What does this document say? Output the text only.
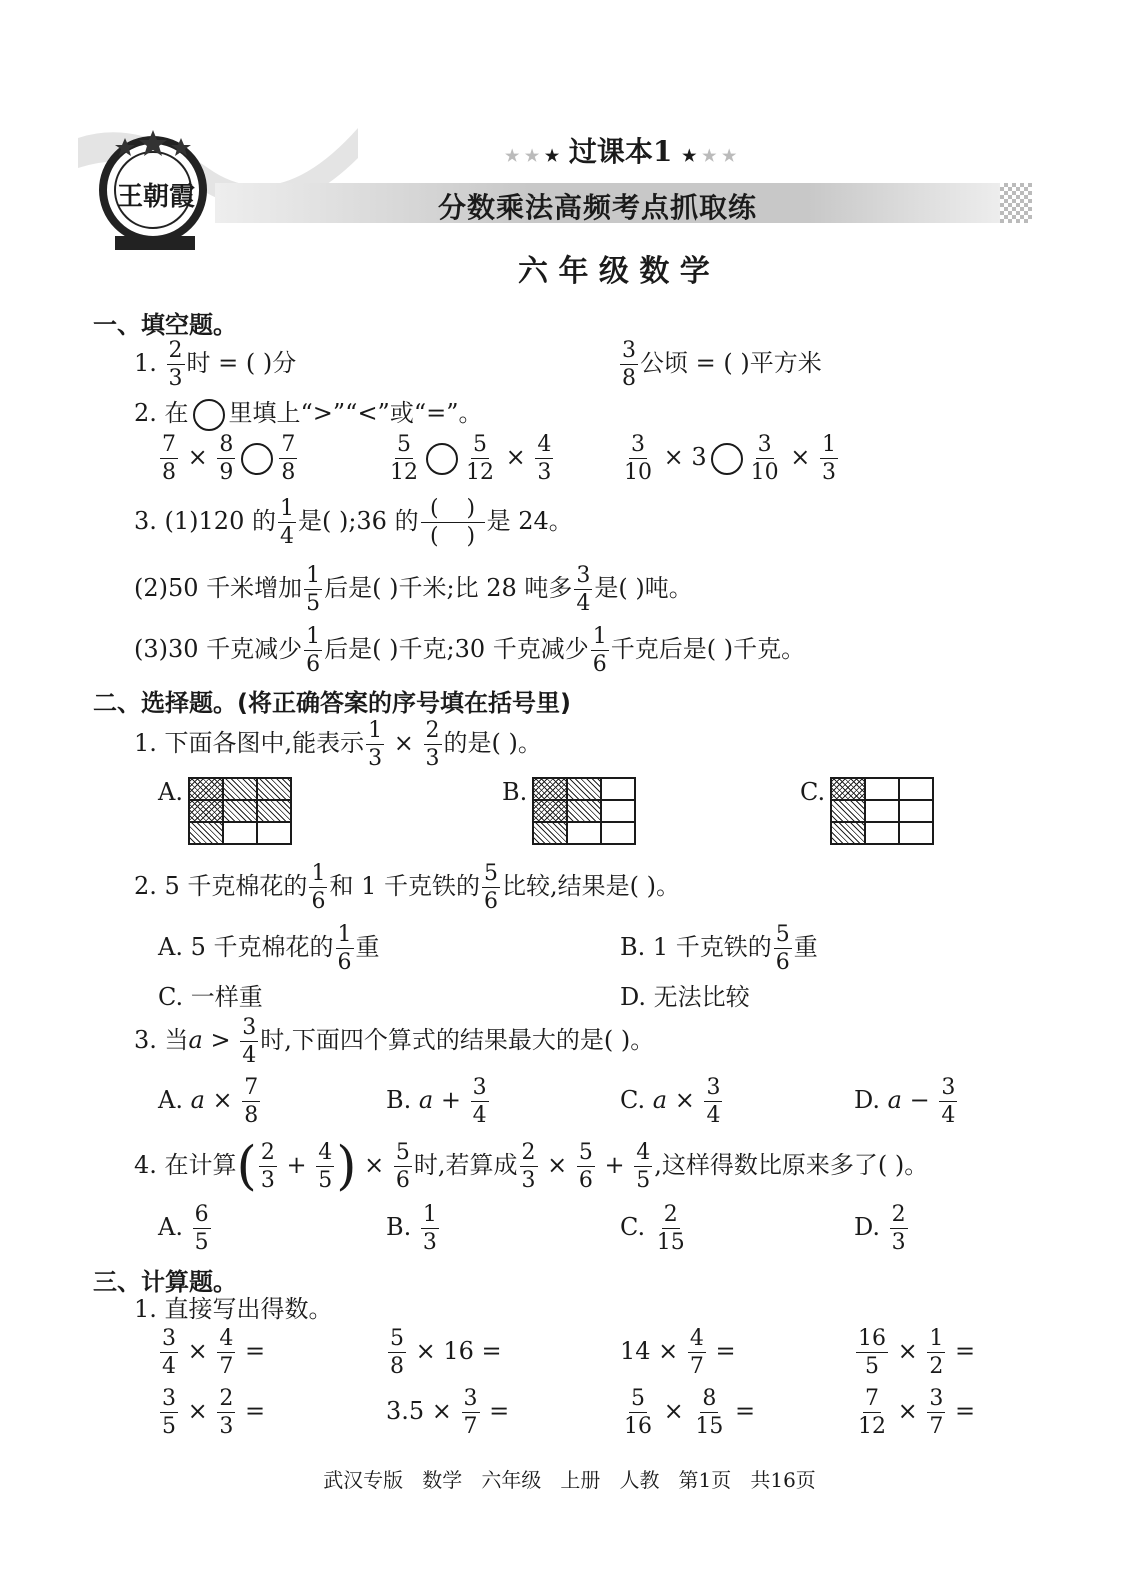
王朝霞
★ ★ ★ 过课本1 ★ ★ ★
分数乘法高频考点抓取练
六 年 级 数 学
一、填空题。
1. $\frac{2}{3}$ 时 = ( )分	$\frac{3}{8}$ 公顷 = ( )平方米
2. 在 里填上“>”“<”或“=”。
$\frac{7}{8} \times \frac{8}{9} \frac{7}{8}$	$\frac{5}{12} \frac{5}{12} \times \frac{4}{3}$	$\frac{3}{10} \times 3 \frac{3}{10} \times \frac{1}{3}$
3. (1)120 的 $\frac{1}{4}$ 是( );36 的 $\frac{( )}{( )}$ 是 24。
(2)50 千米增加 $\frac{1}{5}$ 后是( )千米;比 28 吨多 $\frac{3}{4}$ 是( )吨。
(3)30 千克减少 $\frac{1}{6}$ 后是( )千克;30 千克减少 $\frac{1}{6}$ 千克后是( )千克。
二、选择题。(将正确答案的序号填在括号里)
1. 下面各图中,能表示 $\frac{1}{3} \times \frac{2}{3}$ 的是( )。
A.	B.	C.
2. 5 千克棉花的 $\frac{1}{6}$ 和 1 千克铁的 $\frac{5}{6}$ 比较,结果是( )。
A. 5 千克棉花的 $\frac{1}{6}$ 重	B. 1 千克铁的 $\frac{5}{6}$ 重
C. 一样重	D. 无法比较
3. 当$a > \frac{3}{4}$ 时,下面四个算式的结果最大的是( )。
A. $a \times \frac{7}{8}$	B. $a + \frac{3}{4}$	C. $a \times \frac{3}{4}$	D. $a - \frac{3}{4}$
4. 在计算( $\frac{2}{3} + \frac{4}{5}$ ) × $\frac{5}{6}$ 时,若算成 $\frac{2}{3} \times \frac{5}{6} + \frac{4}{5}$ ,这样得数比原来多了( )。
A. $\frac{6}{5}$	B. $\frac{1}{3}$	C. $\frac{2}{15}$	D. $\frac{2}{3}$
三、计算题。
1. 直接写出得数。
$\frac{3}{4} \times \frac{4}{7}$ =	$\frac{5}{8} \times 16$ =	$14 \times \frac{4}{7}$ =	$\frac{16}{5} \times \frac{1}{2}$ =
$\frac{3}{5} \times \frac{2}{3}$ =	$3.5 \times \frac{3}{7}$ =	$\frac{5}{16} \times \frac{8}{15}$ =	$\frac{7}{12} \times \frac{3}{7}$ =
武汉专版   数学   六年级   上册   人教   第1页   共16页
